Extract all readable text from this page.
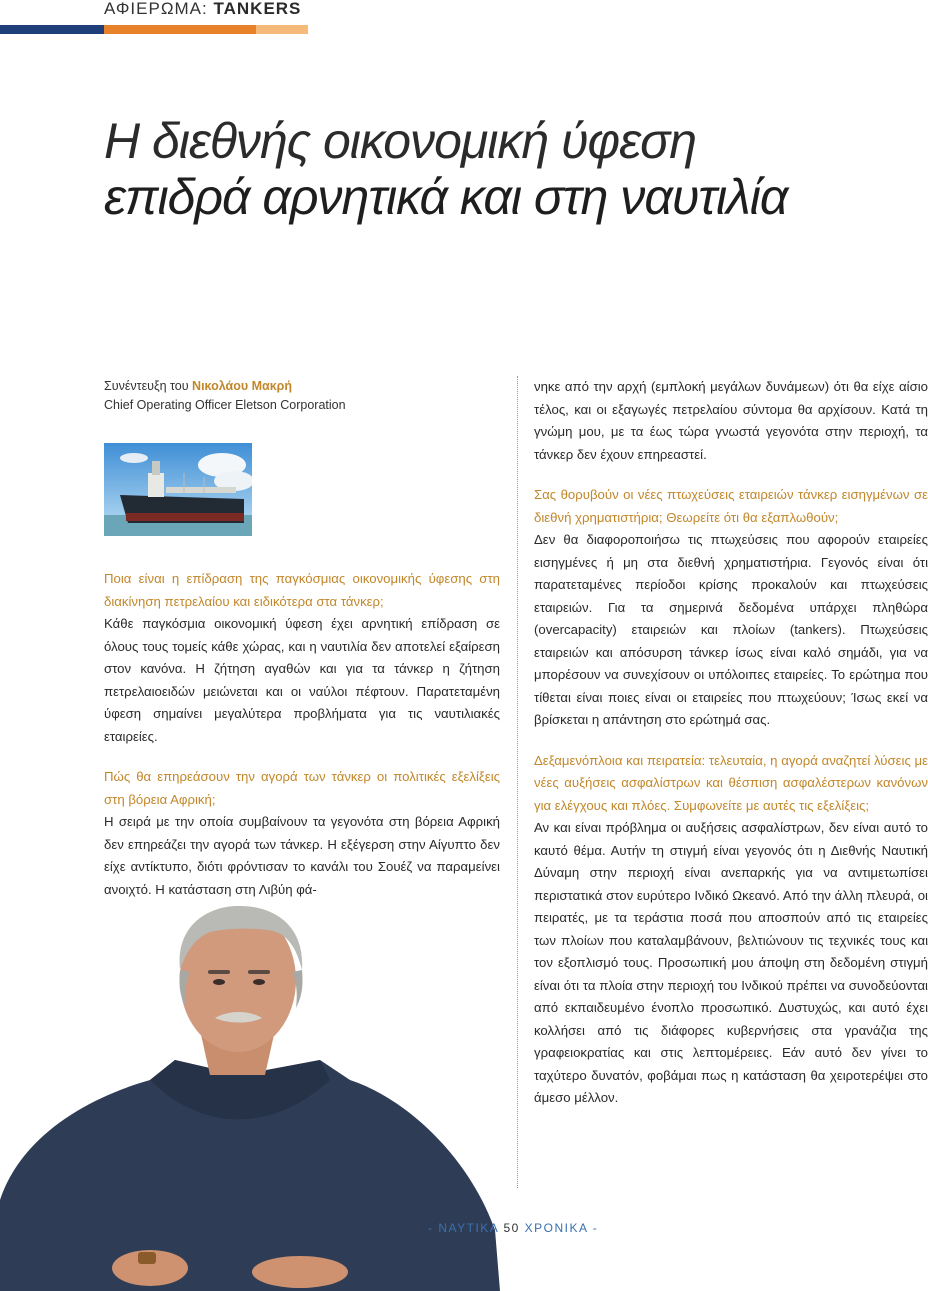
ΑΦΙΕΡΩΜΑ: TANKERS
Η διεθνής οικονομική ύφεση
επιδρά αρνητικά και στη ναυτιλία
Συνέντευξη του Νικολάου Μακρή
Chief Operating Officer Eletson Corporation

Ποια είναι η επίδραση της παγκόσμιας οικονομικής ύφεσης στη διακίνηση πετρελαίου και ειδικότερα στα τάνκερ;

Κάθε παγκόσμια οικονομική ύφεση έχει αρνητική επίδραση σε όλους τους τομείς κάθε χώρας, και η ναυτιλία δεν αποτελεί εξαίρεση στον κανόνα. Η ζήτηση αγαθών και για τα τάνκερ η ζήτηση πετρελαιοειδών μειώνεται και οι ναύλοι πέφτουν. Παρατεταμένη ύφεση σημαίνει μεγαλύτερα προβλήματα για τις ναυτιλιακές εταιρείες.

Πώς θα επηρεάσουν την αγορά των τάνκερ οι πολιτικές εξελίξεις στη βόρεια Αφρική;

Η σειρά με την οποία συμβαίνουν τα γεγονότα στη βόρεια Αφρική δεν επηρεάζει την αγορά των τάνκερ. Η εξέγερση στην Αίγυπτο δεν είχε αντίκτυπο, διότι φρόντισαν το κανάλι του Σουέζ να παραμείνει ανοιχτό. Η κατάσταση στη Λιβύη φά-

νηκε από την αρχή (εμπλοκή μεγάλων δυνάμεων) ότι θα είχε αίσιο τέλος, και οι εξαγωγές πετρελαίου σύντομα θα αρχίσουν. Κατά τη γνώμη μου, με τα έως τώρα γνωστά γεγονότα στην περιοχή, τα τάνκερ δεν έχουν επηρεαστεί.

Σας θορυβούν οι νέες πτωχεύσεις εταιρειών τάνκερ εισηγμένων σε διεθνή χρηματιστήρια; Θεωρείτε ότι θα εξαπλωθούν;

Δεν θα διαφοροποιήσω τις πτωχεύσεις που αφορούν εταιρείες εισηγμένες ή μη στα διεθνή χρηματιστήρια. Γεγονός είναι ότι παρατεταμένες περίοδοι κρίσης προκαλούν και πτωχεύσεις εταιρειών. Για τα σημερινά δεδομένα υπάρχει πληθώρα (overcapacity) εταιρειών και πλοίων (tankers). Πτωχεύσεις εταιρειών και απόσυρση τάνκερ ίσως είναι καλό σημάδι, για να μπορέσουν να συνεχίσουν οι υπόλοιπες εταιρείες. Το ερώτημα που τίθεται είναι ποιες είναι οι εταιρείες που πτωχεύουν; Ίσως εκεί να βρίσκεται η απάντηση στο ερώτημά σας.

Δεξαμενόπλοια και πειρατεία: τελευταία, η αγορά αναζητεί λύσεις με νέες αυξήσεις ασφαλίστρων και θέσπιση ασφαλέστερων κανόνων για ελέγχους και πλόες. Συμφωνείτε με αυτές τις εξελίξεις;

Αν και είναι πρόβλημα οι αυξήσεις ασφαλίστρων, δεν είναι αυτό το καυτό θέμα. Αυτήν τη στιγμή είναι γεγονός ότι η Διεθνής Ναυτική Δύναμη στην περιοχή είναι ανεπαρκής για να αντιμετωπίσει περιστατικά στον ευρύτερο Ινδικό Ωκεανό. Από την άλλη πλευρά, οι πειρατές, με τα τεράστια ποσά που αποσπούν από τις εταιρείες των πλοίων που καταλαμβάνουν, βελτιώνουν τις τεχνικές τους και τον εξοπλισμό τους. Προσωπική μου άποψη στη δεδομένη στιγμή είναι ότι τα πλοία στην περιοχή του Ινδικού πρέπει να συνοδεύονται από εκπαιδευμένο ένοπλο προσωπικό. Δυστυχώς, και αυτό έχει κολλήσει από τις διάφορες κυβερνήσεις στα γρανάζια της γραφειοκρατίας και στις λεπτομέρειες. Εάν αυτό δεν γίνει το ταχύτερο δυνατόν, φοβάμαι πως η κατάσταση θα χειροτερέψει στο άμεσο μέλλον.

- ΝΑΥΤΙΚΑ 50 ΧΡΟΝΙΚΑ -
